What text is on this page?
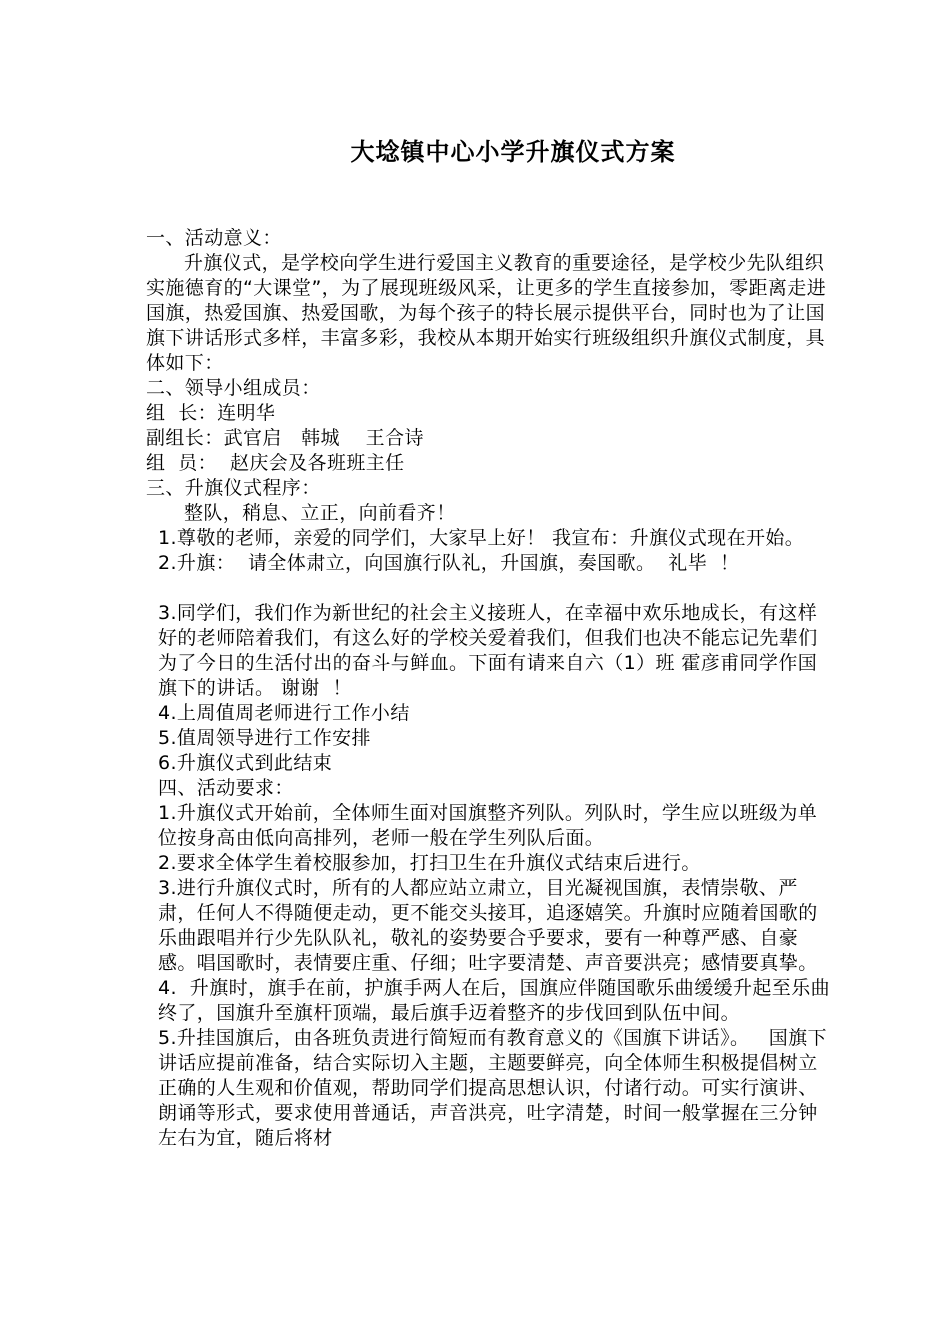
大埝镇中心小学升旗仪式方案

一、活动意义：

升旗仪式，是学校向学生进行爱国主义教育的重要途径，是学校少先队组织实施德育的“大课堂”，为了展现班级风采，让更多的学生直接参加，零距离走进国旗，热爱国旗、热爱国歌，为每个孩子的特长展示提供平台，同时也为了让国旗下讲话形式多样，丰富多彩，我校从本期开始实行班级组织升旗仪式制度，具体如下：

二、领导小组成员：

组  长：连明华

副组长：武官启   韩城    王合诗

组  员：  赵庆会及各班班主任

三、升旗仪式程序：

整队，稍息、立正，向前看齐！

1.尊敬的老师，亲爱的同学们，大家早上好！ 我宣布：升旗仪式现在开始。

2.升旗：  请全体肃立，向国旗行队礼，升国旗，奏国歌。  礼毕  ！

3.同学们，我们作为新世纪的社会主义接班人，在幸福中欢乐地成长，有这样好的老师陪着我们，有这么好的学校关爱着我们，但我们也决不能忘记先辈们为了今日的生活付出的奋斗与鲜血。下面有请来自六（1）班 霍彦甫同学作国旗下的讲话。 谢谢  ！

4.上周值周老师进行工作小结

5.值周领导进行工作安排

6.升旗仪式到此结束

四、活动要求：

1.升旗仪式开始前，全体师生面对国旗整齐列队。列队时，学生应以班级为单位按身高由低向高排列，老师一般在学生列队后面。

2.要求全体学生着校服参加，打扫卫生在升旗仪式结束后进行。

3.进行升旗仪式时，所有的人都应站立肃立，目光凝视国旗，表情崇敬、严肃，任何人不得随便走动，更不能交头接耳，追逐嬉笑。升旗时应随着国歌的乐曲跟唱并行少先队队礼，敬礼的姿势要合乎要求，要有一种尊严感、自豪感。唱国歌时，表情要庄重、仔细；吐字要清楚、声音要洪亮；感情要真挚。

4.  升旗时，旗手在前，护旗手两人在后，国旗应伴随国歌乐曲缓缓升起至乐曲终了，国旗升至旗杆顶端，最后旗手迈着整齐的步伐回到队伍中间。

5.升挂国旗后，由各班负责进行简短而有教育意义的《国旗下讲话》。   国旗下讲话应提前准备，结合实际切入主题，主题要鲜亮，向全体师生积极提倡树立正确的人生观和价值观，帮助同学们提高思想认识，付诸行动。可实行演讲、朗诵等形式，要求使用普通话，声音洪亮，吐字清楚，时间一般掌握在三分钟左右为宜，随后将材
